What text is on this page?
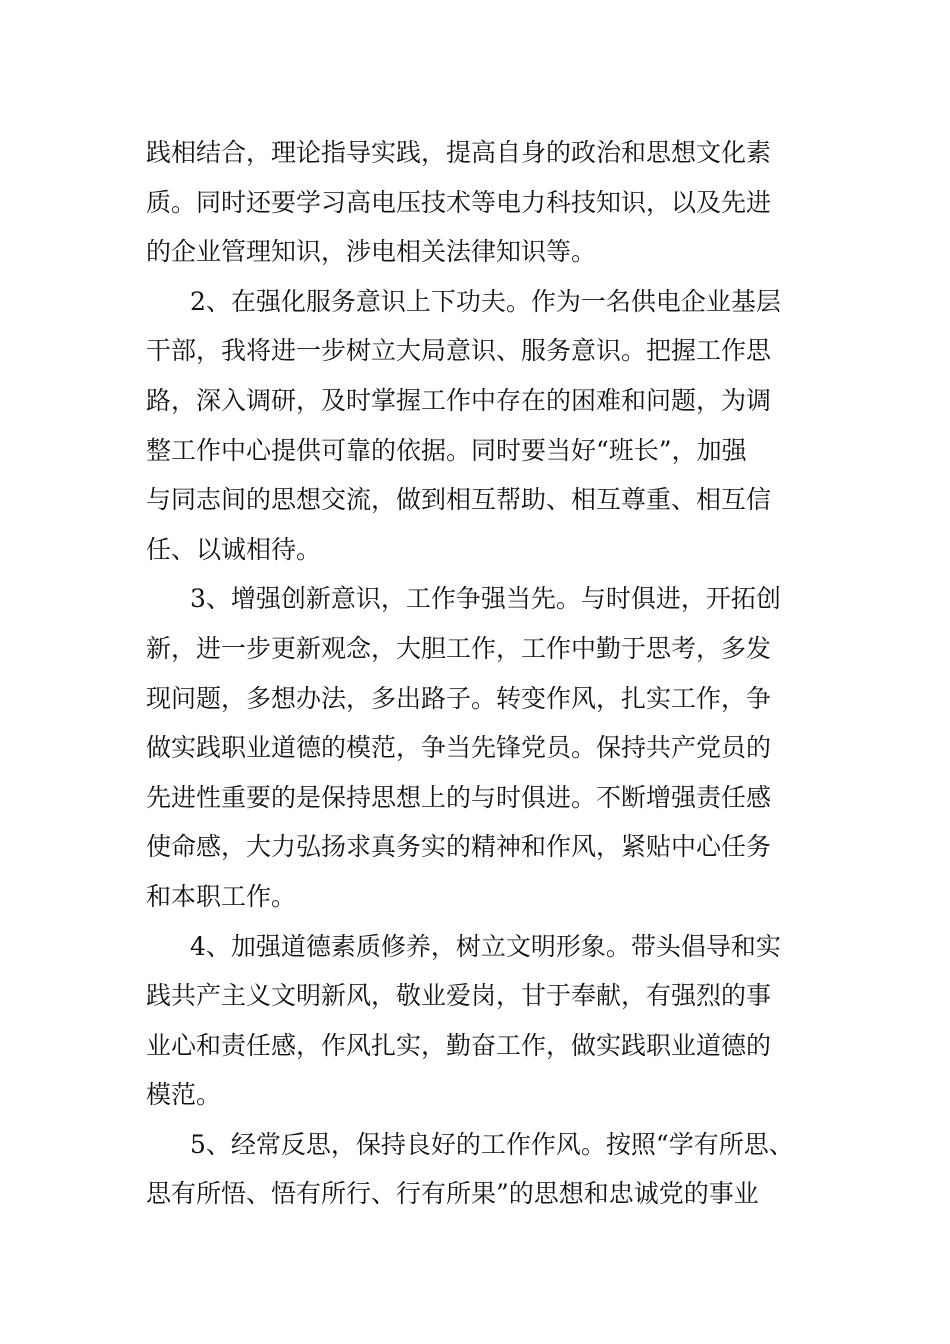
践相结合，理论指导实践，提高自身的政治和思想文化素
质。同时还要学习高电压技术等电力科技知识，以及先进
的企业管理知识，涉电相关法律知识等。
2、在强化服务意识上下功夫。作为一名供电企业基层
干部，我将进一步树立大局意识、服务意识。把握工作思
路，深入调研，及时掌握工作中存在的困难和问题，为调
整工作中心提供可靠的依据。同时要当好“班长”，加强
与同志间的思想交流，做到相互帮助、相互尊重、相互信
任、以诚相待。
3、增强创新意识，工作争强当先。与时俱进，开拓创
新，进一步更新观念，大胆工作，工作中勤于思考，多发
现问题，多想办法，多出路子。转变作风，扎实工作，争
做实践职业道德的模范，争当先锋党员。保持共产党员的
先进性重要的是保持思想上的与时俱进。不断增强责任感
使命感，大力弘扬求真务实的精神和作风，紧贴中心任务
和本职工作。
4、加强道德素质修养，树立文明形象。带头倡导和实
践共产主义文明新风，敬业爱岗，甘于奉献，有强烈的事
业心和责任感，作风扎实，勤奋工作，做实践职业道德的
模范。
5、经常反思，保持良好的工作作风。按照“学有所思、
思有所悟、悟有所行、行有所果”的思想和忠诚党的事业
